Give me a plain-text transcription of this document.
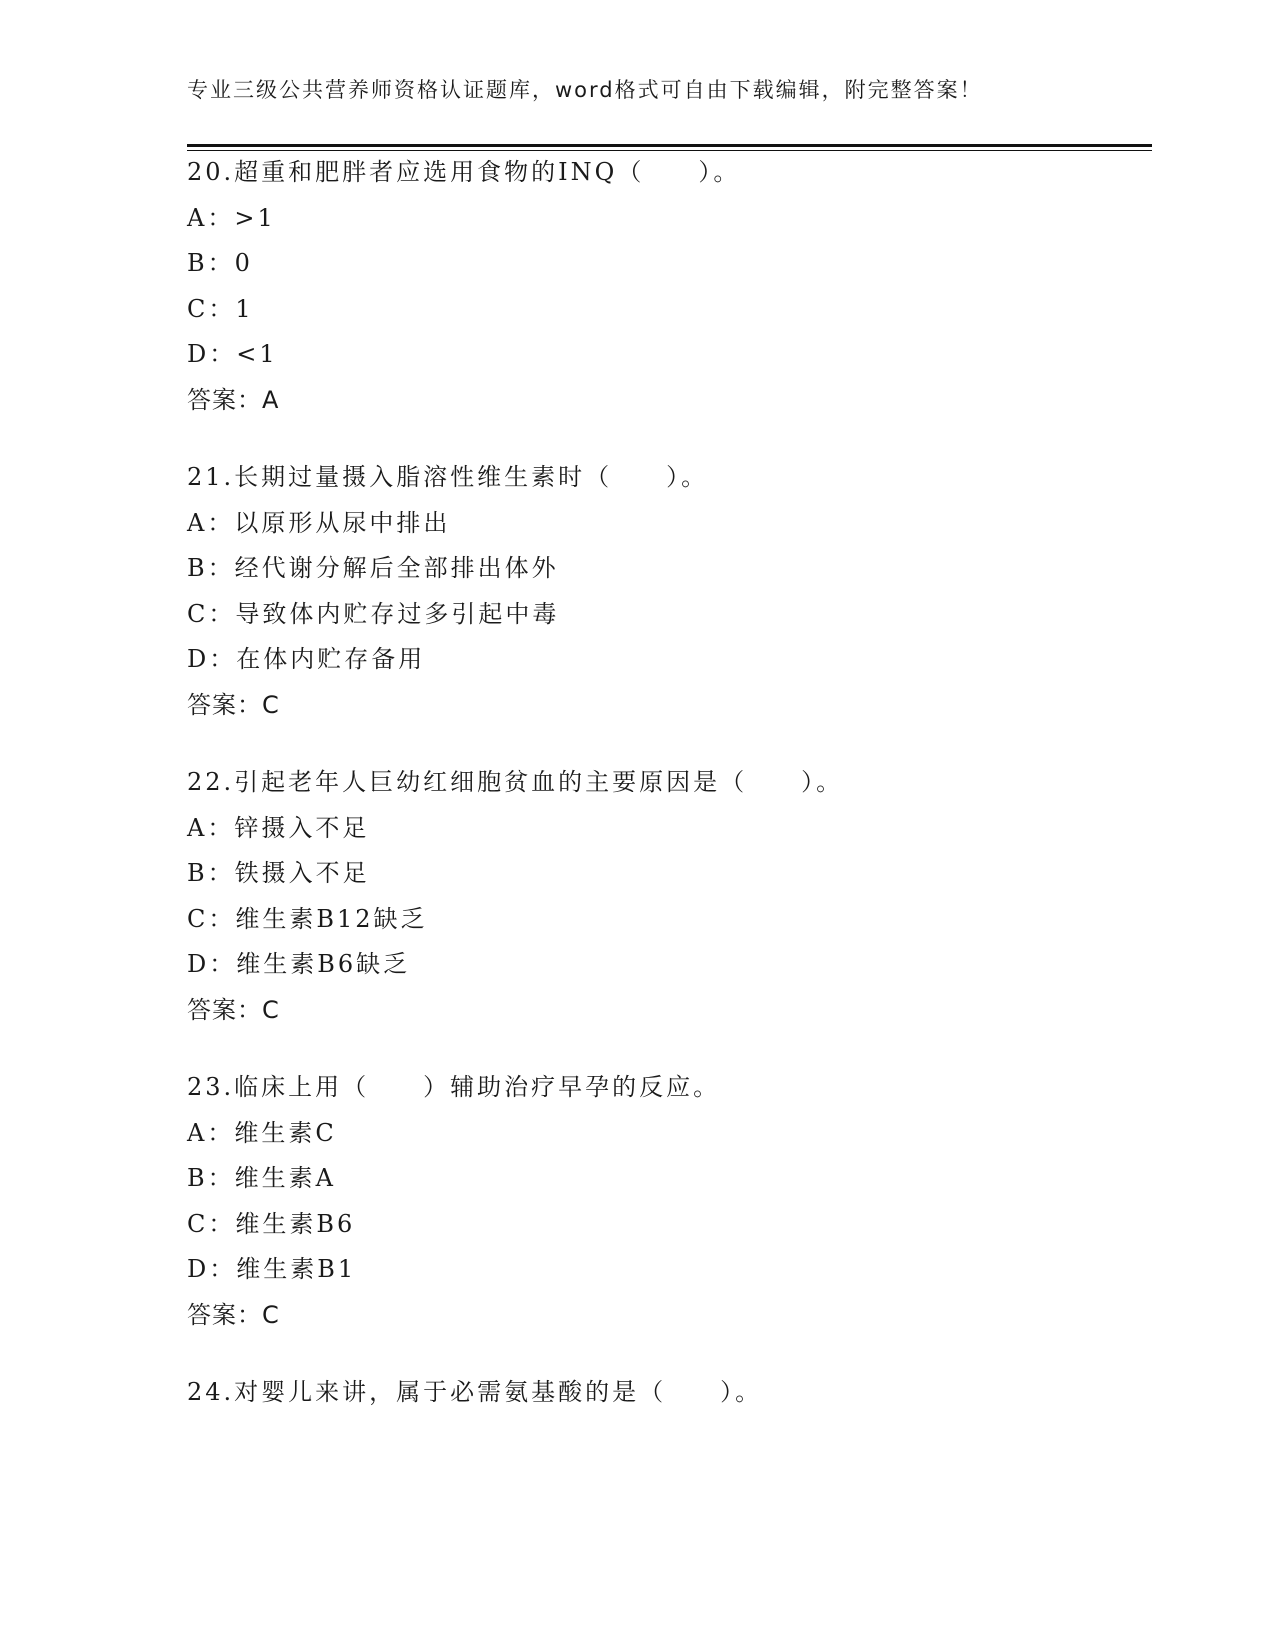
专业三级公共营养师资格认证题库，word格式可自由下载编辑，附完整答案！
20.超重和肥胖者应选用食物的INQ（　　）。
A：>1
B：0
C：1
D：<1
答案：A
21.长期过量摄入脂溶性维生素时（　　）。
A：以原形从尿中排出
B：经代谢分解后全部排出体外
C：导致体内贮存过多引起中毒
D：在体内贮存备用
答案：C
22.引起老年人巨幼红细胞贫血的主要原因是（　　）。
A：锌摄入不足
B：铁摄入不足
C：维生素B12缺乏
D：维生素B6缺乏
答案：C
23.临床上用（　　）辅助治疗早孕的反应。
A：维生素C
B：维生素A
C：维生素B6
D：维生素B1
答案：C
24.对婴儿来讲，属于必需氨基酸的是（　　）。
